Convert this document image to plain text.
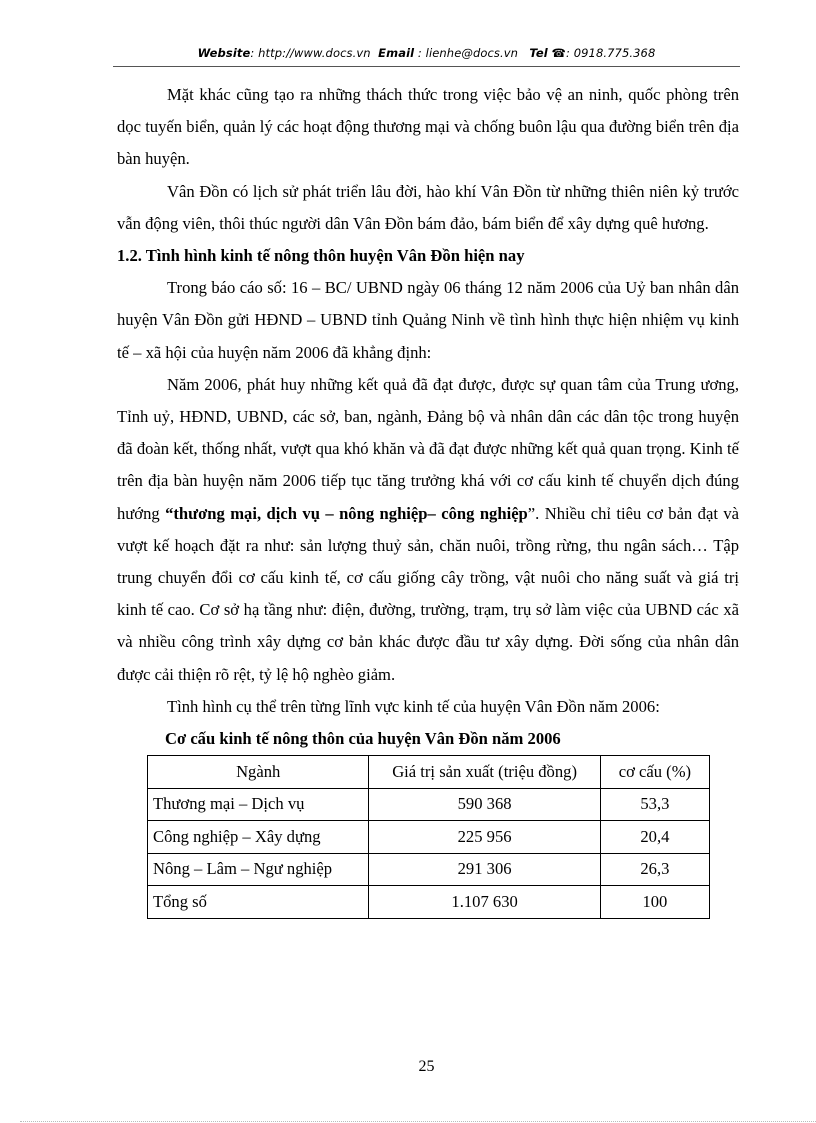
Website: http://www.docs.vn Email : lienhe@docs.vn Tel ☎: 0918.775.368

Mặt khác cũng tạo ra những thách thức trong việc bảo vệ an ninh, quốc phòng trên dọc tuyến biển, quản lý các hoạt động thương mại và chống buôn lậu qua đường biển trên địa bàn huyện.

Vân Đồn có lịch sử phát triển lâu đời, hào khí Vân Đồn từ những thiên niên kỷ trước vẫn động viên, thôi thúc người dân Vân Đồn bám đảo, bám biển để xây dựng quê hương.

1.2. Tình hình kinh tế nông thôn huyện Vân Đồn hiện nay

Trong báo cáo số: 16 – BC/ UBND ngày 06 tháng 12 năm 2006 của Uỷ ban nhân dân huyện Vân Đồn gửi HĐND – UBND tỉnh Quảng Ninh về tình hình thực hiện nhiệm vụ kinh tế – xã hội của huyện năm 2006 đã khẳng định:

Năm 2006, phát huy những kết quả đã đạt được, được sự quan tâm của Trung ương, Tỉnh uỷ, HĐND, UBND, các sở, ban, ngành, Đảng bộ và nhân dân các dân tộc trong huyện đã đoàn kết, thống nhất, vượt qua khó khăn và đã đạt được những kết quả quan trọng. Kinh tế trên địa bàn huyện năm 2006 tiếp tục tăng trưởng khá với cơ cấu kinh tế chuyển dịch đúng hướng “thương mại, dịch vụ – nông nghiệp– công nghiệp”. Nhiều chỉ tiêu cơ bản đạt và vượt kế hoạch đặt ra như: sản lượng thuỷ sản, chăn nuôi, trồng rừng, thu ngân sách… Tập trung chuyển đổi cơ cấu kinh tế, cơ cấu giống cây trồng, vật nuôi cho năng suất và giá trị kinh tế cao. Cơ sở hạ tầng như: điện, đường, trường, trạm, trụ sở làm việc của UBND các xã và nhiều công trình xây dựng cơ bản khác được đầu tư xây dựng. Đời sống của nhân dân được cải thiện rõ rệt, tỷ lệ hộ nghèo giảm.

Tình hình cụ thể trên từng lĩnh vực kinh tế của huyện Vân Đồn năm 2006:

Cơ cấu kinh tế nông thôn của huyện Vân Đồn năm 2006

Ngành	Giá trị sản xuất (triệu đồng)	cơ cấu (%)
Thương mại – Dịch vụ	590 368	53,3
Công nghiệp – Xây dựng	225 956	20,4
Nông – Lâm – Ngư nghiệp	291 306	26,3
Tổng số	1.107 630	100
25
